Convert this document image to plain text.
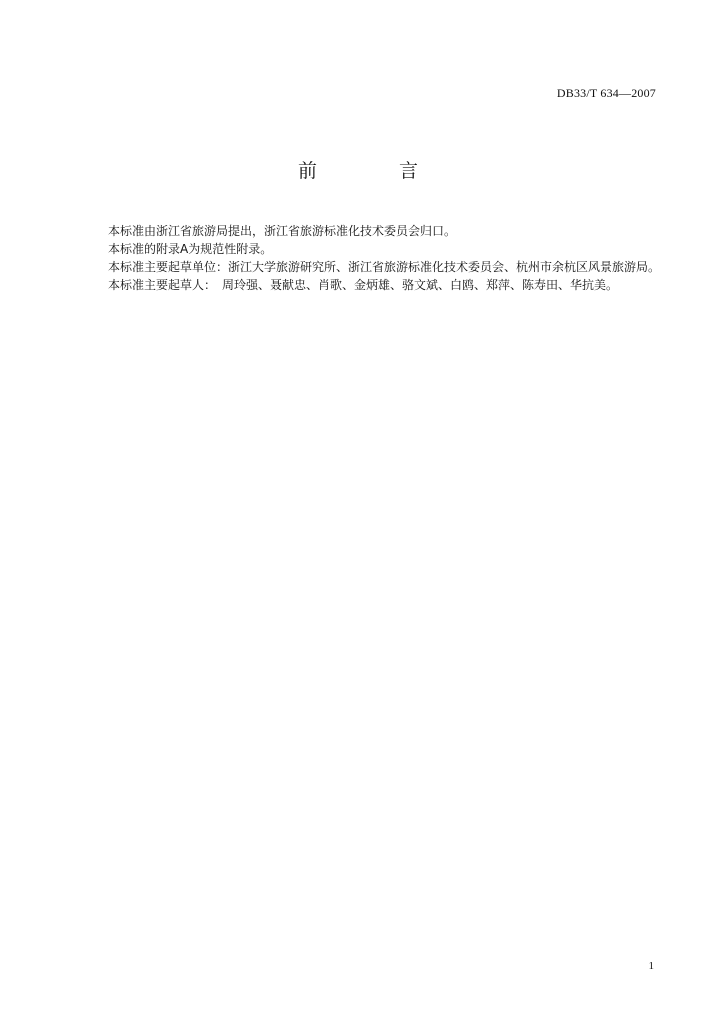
DB33/T 634—2007
前 言

本标准由浙江省旅游局提出，浙江省旅游标准化技术委员会归口。

本标准的附录A为规范性附录。

本标准主要起草单位：浙江大学旅游研究所、浙江省旅游标准化技术委员会、杭州市余杭区风景旅游局。

本标准主要起草人：　周玲强、聂献忠、肖歌、金炳雄、骆文斌、白鸥、郑萍、陈寿田、华抗美。

1
